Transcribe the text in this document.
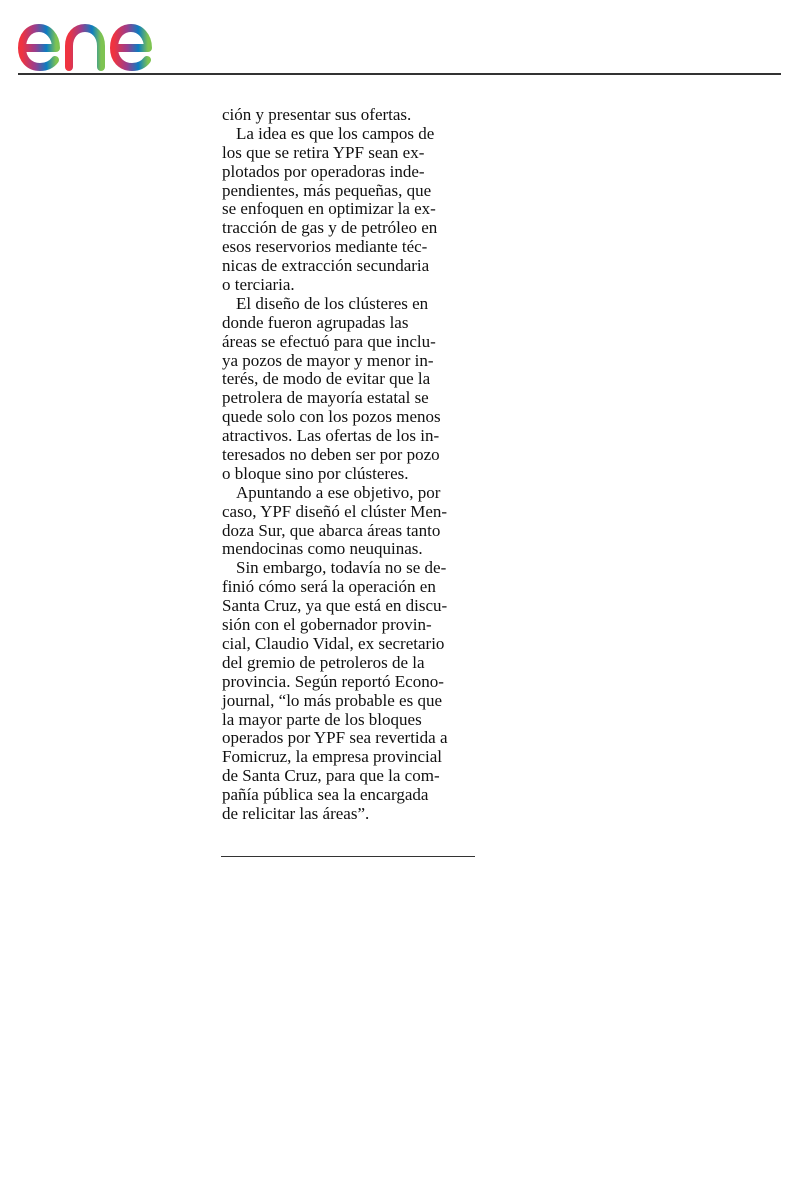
ción y presentar sus ofertas.
La idea es que los campos de
los que se retira YPF sean ex-
plotados por operadoras inde-
pendientes, más pequeñas, que
se enfoquen en optimizar la ex-
tracción de gas y de petróleo en
esos reservorios mediante téc-
nicas de extracción secundaria
o terciaria.
El diseño de los clústeres en
donde fueron agrupadas las
áreas se efectuó para que inclu-
ya pozos de mayor y menor in-
terés, de modo de evitar que la
petrolera de mayoría estatal se
quede solo con los pozos menos
atractivos. Las ofertas de los in-
teresados no deben ser por pozo
o bloque sino por clústeres.
Apuntando a ese objetivo, por
caso, YPF diseñó el clúster Men-
doza Sur, que abarca áreas tanto
mendocinas como neuquinas.
Sin embargo, todavía no se de-
finió cómo será la operación en
Santa Cruz, ya que está en discu-
sión con el gobernador provin-
cial, Claudio Vidal, ex secretario
del gremio de petroleros de la
provincia. Según reportó Econo-
journal, “lo más probable es que
la mayor parte de los bloques
operados por YPF sea revertida a
Fomicruz, la empresa provincial
de Santa Cruz, para que la com-
pañía pública sea la encargada
de relicitar las áreas”.
